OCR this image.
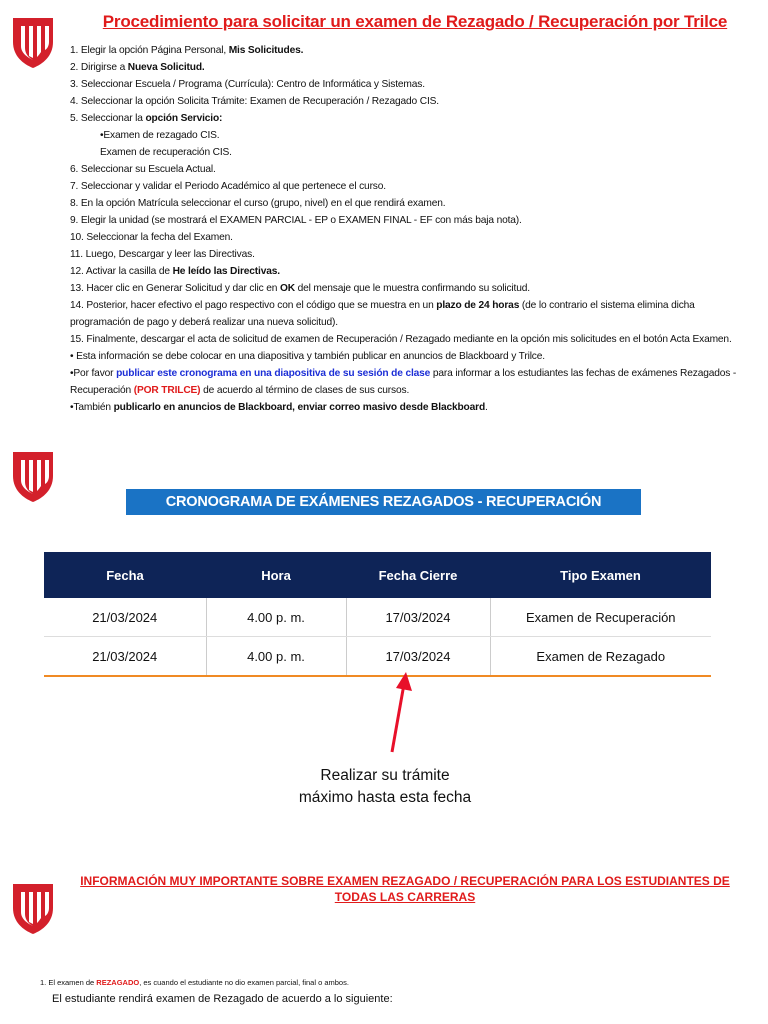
Procedimiento para solicitar un examen de Rezagado / Recuperación por Trilce
1. Elegir la opción Página Personal, Mis Solicitudes.
2. Dirigirse a Nueva Solicitud.
3. Seleccionar Escuela / Programa (Currícula): Centro de Informática y Sistemas.
4. Seleccionar la opción Solicita Trámite: Examen de Recuperación / Rezagado CIS.
5. Seleccionar la opción Servicio:
•Examen de rezagado CIS.
Examen de recuperación CIS.
6. Seleccionar su Escuela Actual.
7. Seleccionar y validar el Periodo Académico al que pertenece el curso.
8. En la opción Matrícula seleccionar el curso (grupo, nivel) en el que rendirá examen.
9. Elegir la unidad (se mostrará el EXAMEN PARCIAL - EP o EXAMEN FINAL - EF con más baja nota).
10. Seleccionar la fecha del Examen.
11. Luego, Descargar y leer las Directivas.
12. Activar la casilla de He leído las Directivas.
13. Hacer clic en Generar Solicitud y dar clic en OK del mensaje que le muestra confirmando su solicitud.
14. Posterior, hacer efectivo el pago respectivo con el código que se muestra en un plazo de 24 horas (de lo contrario el sistema elimina dicha
programación de pago y deberá realizar una nueva solicitud).
15. Finalmente, descargar el acta de solicitud de examen de Recuperación / Rezagado mediante en la opción mis solicitudes en el botón Acta Examen.
• Esta información se debe colocar en una diapositiva y también publicar en anuncios de Blackboard y Trilce.
•Por favor publicar este cronograma en una diapositiva de su sesión de clase para informar a los estudiantes las fechas de exámenes Rezagados -
Recuperación (POR TRILCE) de acuerdo al término de clases de sus cursos.
•También publicarlo en anuncios de Blackboard, enviar correo masivo desde Blackboard.
CRONOGRAMA DE EXÁMENES REZAGADOS - RECUPERACIÓN
Fecha	Hora	Fecha Cierre	Tipo Examen
21/03/2024	4.00 p. m.	17/03/2024	Examen de Recuperación
21/03/2024	4.00 p. m.	17/03/2024	Examen de Rezagado
Realizar su trámite
máximo hasta esta fecha
INFORMACIÓN MUY IMPORTANTE SOBRE EXAMEN REZAGADO / RECUPERACIÓN PARA LOS ESTUDIANTES DE
TODAS LAS CARRERAS
1. El examen de REZAGADO, es cuando el estudiante no dio examen parcial, final o ambos.
El estudiante rendirá examen de Rezagado de acuerdo a lo siguiente:
